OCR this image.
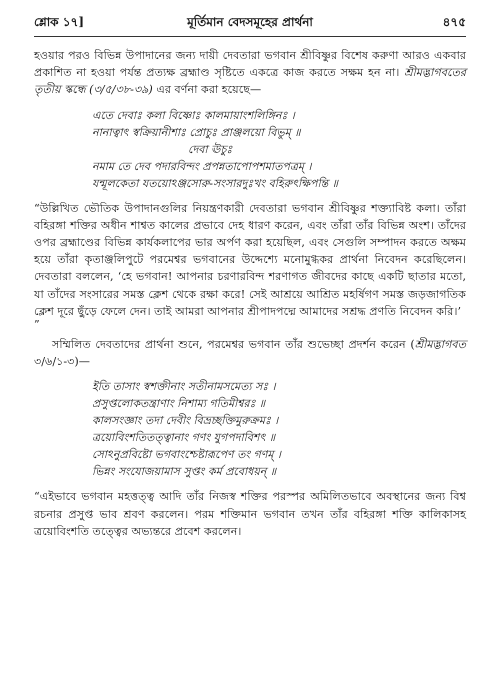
শ্লোক ১৭]	মূর্তিমান বেদসমূহের প্রার্থনা	৪৭৫

হওয়ার পরও বিভিন্ন উপাদানের জন্য দায়ী দেবতারা ভগবান শ্রীবিষ্ণুর বিশেষ করুণা আরও একবার প্রকাশিত না হওয়া পর্যন্ত প্রত্যক্ষ ব্রহ্মাণ্ড সৃষ্টিতে একত্রে কাজ করতে সক্ষম হন না। শ্রীমদ্ভাগবতের তৃতীয় স্কন্ধে (৩/৫/৩৮-৩৯) এর বর্ণনা করা হয়েছে—

এতে দেবাঃ কলা বিষ্ণোঃ কালমায়াংশলিঙ্গিনঃ ।

নানাত্বাৎ স্বক্রিয়ানীশাঃ প্রোচুঃ প্রাঞ্জলয়ো বিভুম্ ॥

দেবা ঊচুঃ

নমাম তে দেব পদারবিন্দং প্রপন্নতাপোপশমাতপত্রম্ ।

যন্মূলকেতা যতয়োঽঞ্জসোরু-সংসারদুঃখং বহিরুৎক্ষিপন্তি ॥

“উল্লিখিত ভৌতিক উপাদানগুলির নিয়ন্ত্রণকারী দেবতারা ভগবান শ্রীবিষ্ণুর শক্ত্যাবিষ্ট কলা। তাঁরা বহিরঙ্গা শক্তির অধীন শাশ্বত কালের প্রভাবে দেহ ধারণ করেন, এবং তাঁরা তাঁর বিভিন্ন অংশ। তাঁদের ওপর ব্রহ্মাণ্ডের বিভিন্ন কার্যকলাপের ভার অর্পণ করা হয়েছিল, এবং সেগুলি সম্পাদন করতে অক্ষম হয়ে তাঁরা কৃতাঞ্জলিপুটে পরমেশ্বর ভগবানের উদ্দেশ্যে মনোমুগ্ধকর প্রার্থনা নিবেদন করেছিলেন। দেবতারা বললেন, ‘হে ভগবান! আপনার চরণারবিন্দ শরণাগত জীবদের কাছে একটি ছাতার মতো, যা তাঁদের সংসারের সমস্ত ক্লেশ থেকে রক্ষা করে! সেই আশ্রয়ে আশ্রিত মহর্ষিগণ সমস্ত জড়জাগতিক ক্লেশ দূরে ছুঁড়ে ফেলে দেন। তাই আমরা আপনার শ্রীপাদপদ্মে আমাদের সশ্রদ্ধ প্রণতি নিবেদন করি।’

”

সম্মিলিত দেবতাদের প্রার্থনা শুনে, পরমেশ্বর ভগবান তাঁর শুভেচ্ছা প্রদর্শন করেন (শ্রীমদ্ভাগবত ৩/৬/১-৩)—

ইতি তাসাং স্বশক্তীনাং সতীনামসমেত্য সঃ ।

প্রসুপ্তলোকতন্ত্রাণাং নিশাম্য গতিমীশ্বরঃ ॥

কালসংজ্ঞাং তদা দেবীং বিভ্রচ্ছক্তিমুরুক্রমঃ ।

ত্রয়োবিংশতিতত্ত্বানাং গণং যুগপদাবিশৎ ॥

সোঽনুপ্রবিষ্টো ভগবাংশ্চেষ্টারূপেণ তং গণম্ ।

ভিন্নং সংযোজয়ামাস সুপ্তং কর্ম প্রবোধয়ন্ ॥

“এইভাবে ভগবান মহত্তত্ত্ব আদি তাঁর নিজস্ব শক্তির পরস্পর অমিলিতভাবে অবস্থানের জন্য বিশ্ব রচনার প্রসুপ্ত ভাব শ্রবণ করলেন। পরম শক্তিমান ভগবান তখন তাঁর বহিরঙ্গা শক্তি কালিকাসহ ত্রয়োবিংশতি তত্ত্বের অভ্যন্তরে প্রবেশ করলেন।
